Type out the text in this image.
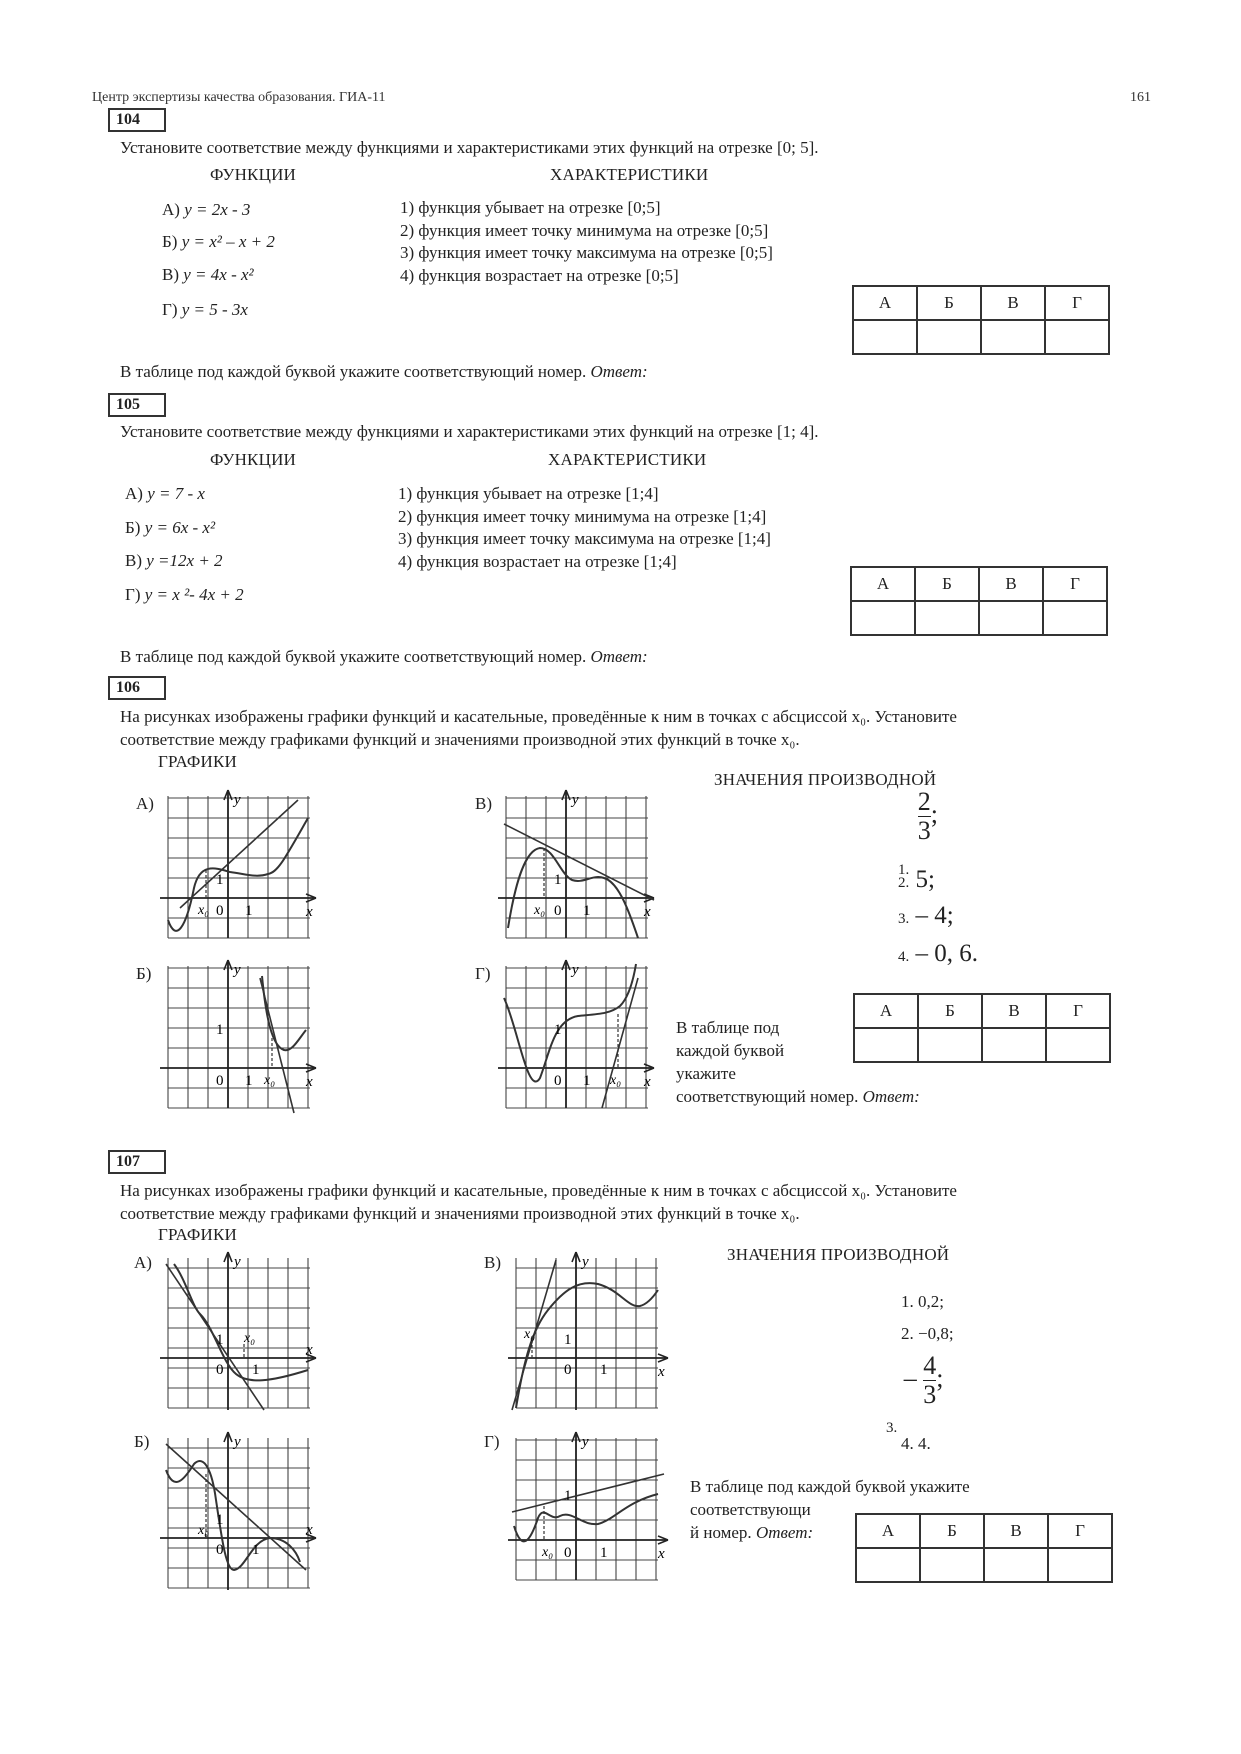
Центр экспертизы качества образования. ГИА-11	161
104
Установите соответствие между функциями и характеристиками этих функций на отрезке [0; 5].
ФУНКЦИИ	ХАРАКТЕРИСТИКИ
А) y = 2x - 3
Б) y = x² – x + 2
В) y = 4x - x²
Г) y = 5 - 3x
1) функция убывает на отрезке [0;5]
2) функция имеет точку минимума на отрезке [0;5]
3) функция имеет точку максимума на отрезке [0;5]
4) функция возрастает на отрезке [0;5]
А	Б	В	Г

В таблице под каждой буквой укажите соответствующий номер. Ответ:
105
Установите соответствие между функциями и характеристиками этих функций на отрезке [1; 4].
ФУНКЦИИ	ХАРАКТЕРИСТИКИ
А) y = 7 - x
Б) y = 6x - x²
В) y =12x + 2
Г) y = x ²- 4x + 2
1) функция убывает на отрезке [1;4]
2) функция имеет точку минимума на отрезке [1;4]
3) функция имеет точку максимума на отрезке [1;4]
4) функция возрастает на отрезке [1;4]
А	Б	В	Г

В таблице под каждой буквой укажите соответствующий номер. Ответ:
106
На рисунках изображены графики функций и касательные, проведённые к ним в точках с абсциссой x₀. Установите
соответствие между графиками функций и значениями производной этих функций в точке x₀.
ГРАФИКИ
ЗНАЧЕНИЯ ПРОИЗВОДНОЙ
$_{1.}$
$\frac{2}{3}$ ;
2. 5;
3. – 4;
4. – 0, 6.
А	Б	В	Г

В таблице под
каждой буквой
укажите
соответствующий номер. Ответ:
А)
Б)
В)
Г)
y
x
1
0 1
x₀
y
x
1
0 1 x₀
y
x
1
0 1
x₀
y
x
1
0 1 x₀
107
На рисунках изображены графики функций и касательные, проведённые к ним в точках с абсциссой x₀. Установите
соответствие между графиками функций и значениями производной этих функций в точке x₀.
ГРАФИКИ
ЗНАЧЕНИЯ ПРОИЗВОДНОЙ
1. 0,2;
2. −0,8;
$_{3.} - \frac{4}{3}$ ;
4. 4.
В таблице под каждой буквой укажите
соответствующи
й номер. Ответ:	А	Б	В	Г

А)
Б)
В)
Г)
y
x
1
0 1
x₀
y
x
1
0 1
x₀
y
x
1
0 1
x₀
y
x
1
0 1
x₀
